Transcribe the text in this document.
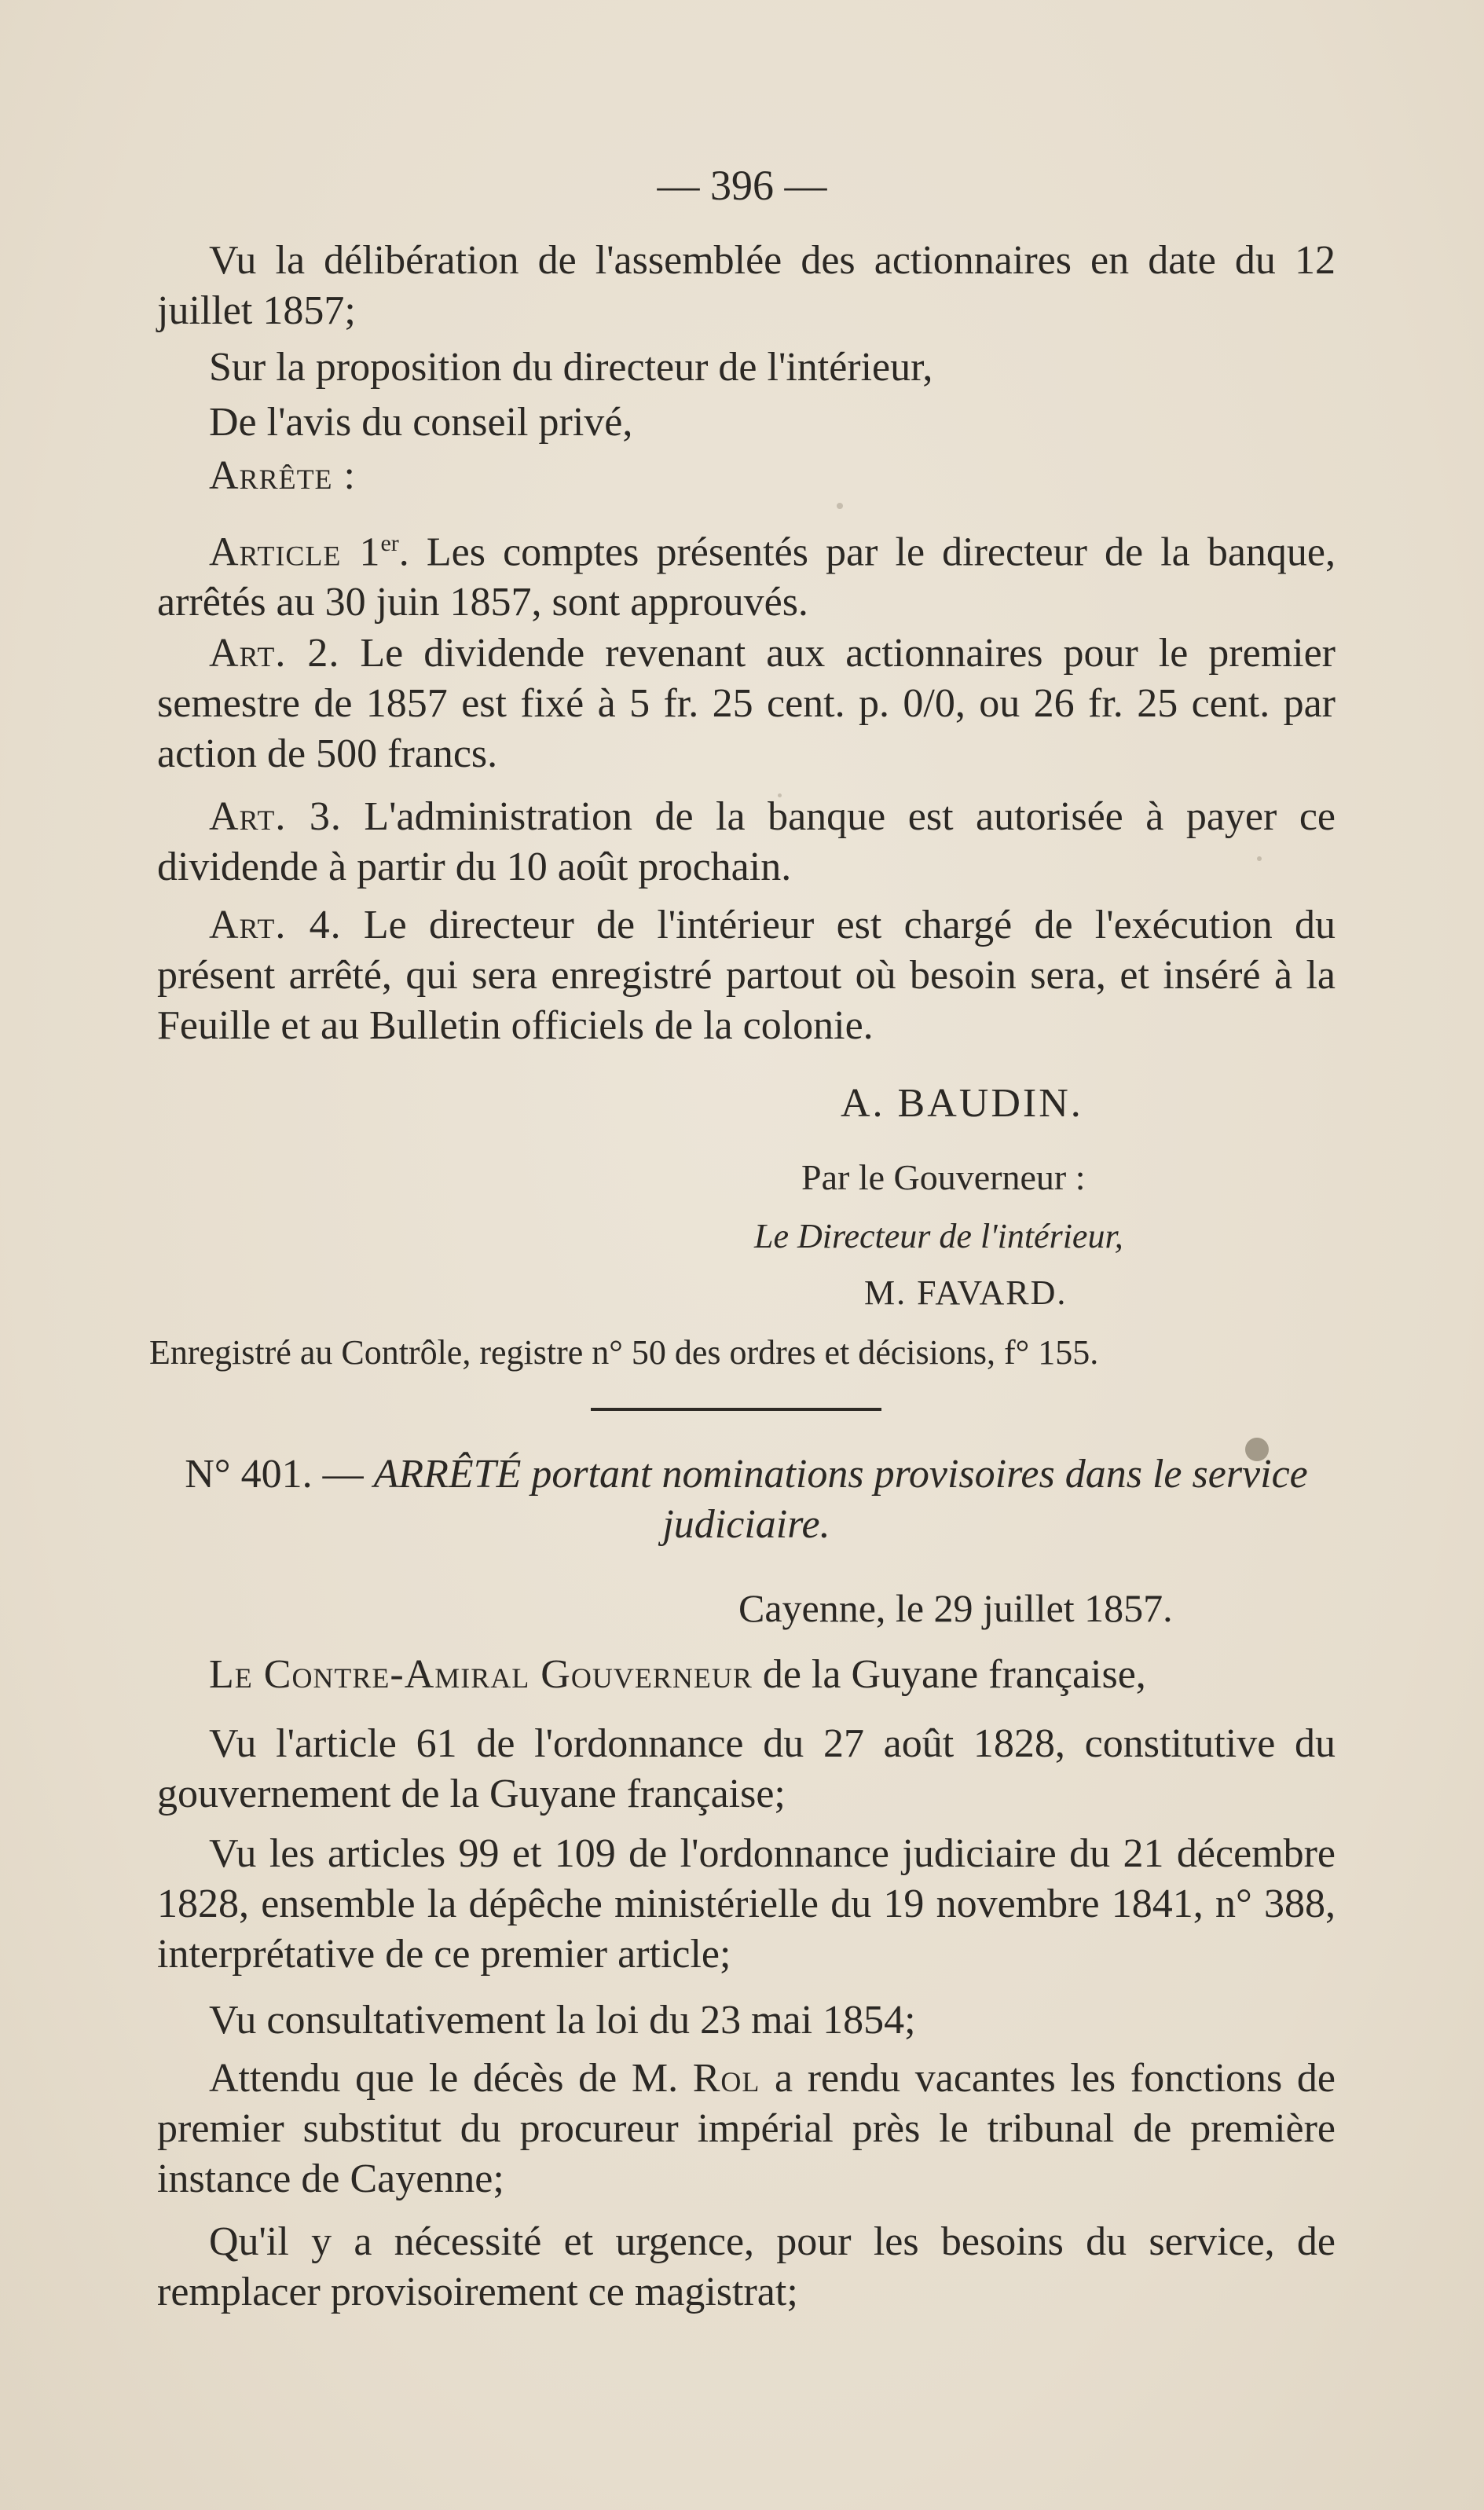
— 396 —
Vu la délibération de l'assemblée des actionnaires en date du 12 juillet 1857;
Sur la proposition du directeur de l'intérieur,
De l'avis du conseil privé,
Arrête :
Article 1er. Les comptes présentés par le directeur de la banque, arrêtés au 30 juin 1857, sont approuvés.
Art. 2. Le dividende revenant aux actionnaires pour le premier semestre de 1857 est fixé à 5 fr. 25 cent. p. 0/0, ou 26 fr. 25 cent. par action de 500 francs.
Art. 3. L'administration de la banque est autorisée à payer ce dividende à partir du 10 août prochain.
Art. 4. Le directeur de l'intérieur est chargé de l'exécution du présent arrêté, qui sera enregistré partout où besoin sera, et inséré à la Feuille et au Bulletin officiels de la colonie.
A. BAUDIN.
Par le Gouverneur :
Le Directeur de l'intérieur,
M. FAVARD.
Enregistré au Contrôle, registre n° 50 des ordres et décisions, f° 155.
N° 401. — ARRÊTÉ portant nominations provisoires dans le service judiciaire.
Cayenne, le 29 juillet 1857.
Le Contre-Amiral Gouverneur de la Guyane française,
Vu l'article 61 de l'ordonnance du 27 août 1828, constitutive du gouvernement de la Guyane française;
Vu les articles 99 et 109 de l'ordonnance judiciaire du 21 décembre 1828, ensemble la dépêche ministérielle du 19 novembre 1841, n° 388, interprétative de ce premier article;
Vu consultativement la loi du 23 mai 1854;
Attendu que le décès de M. Rol a rendu vacantes les fonctions de premier substitut du procureur impérial près le tribunal de première instance de Cayenne;
Qu'il y a nécessité et urgence, pour les besoins du service, de remplacer provisoirement ce magistrat;
